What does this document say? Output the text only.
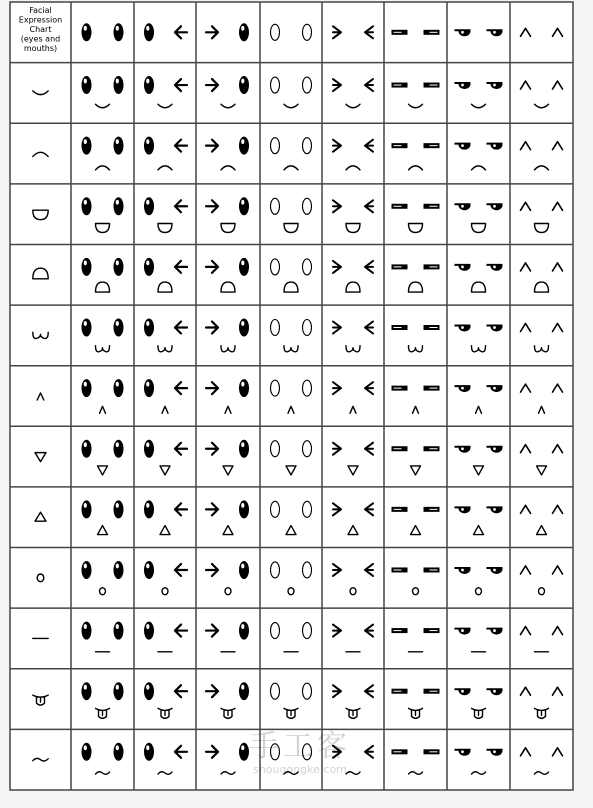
Facial Expression Chart (eyes and mouths)
